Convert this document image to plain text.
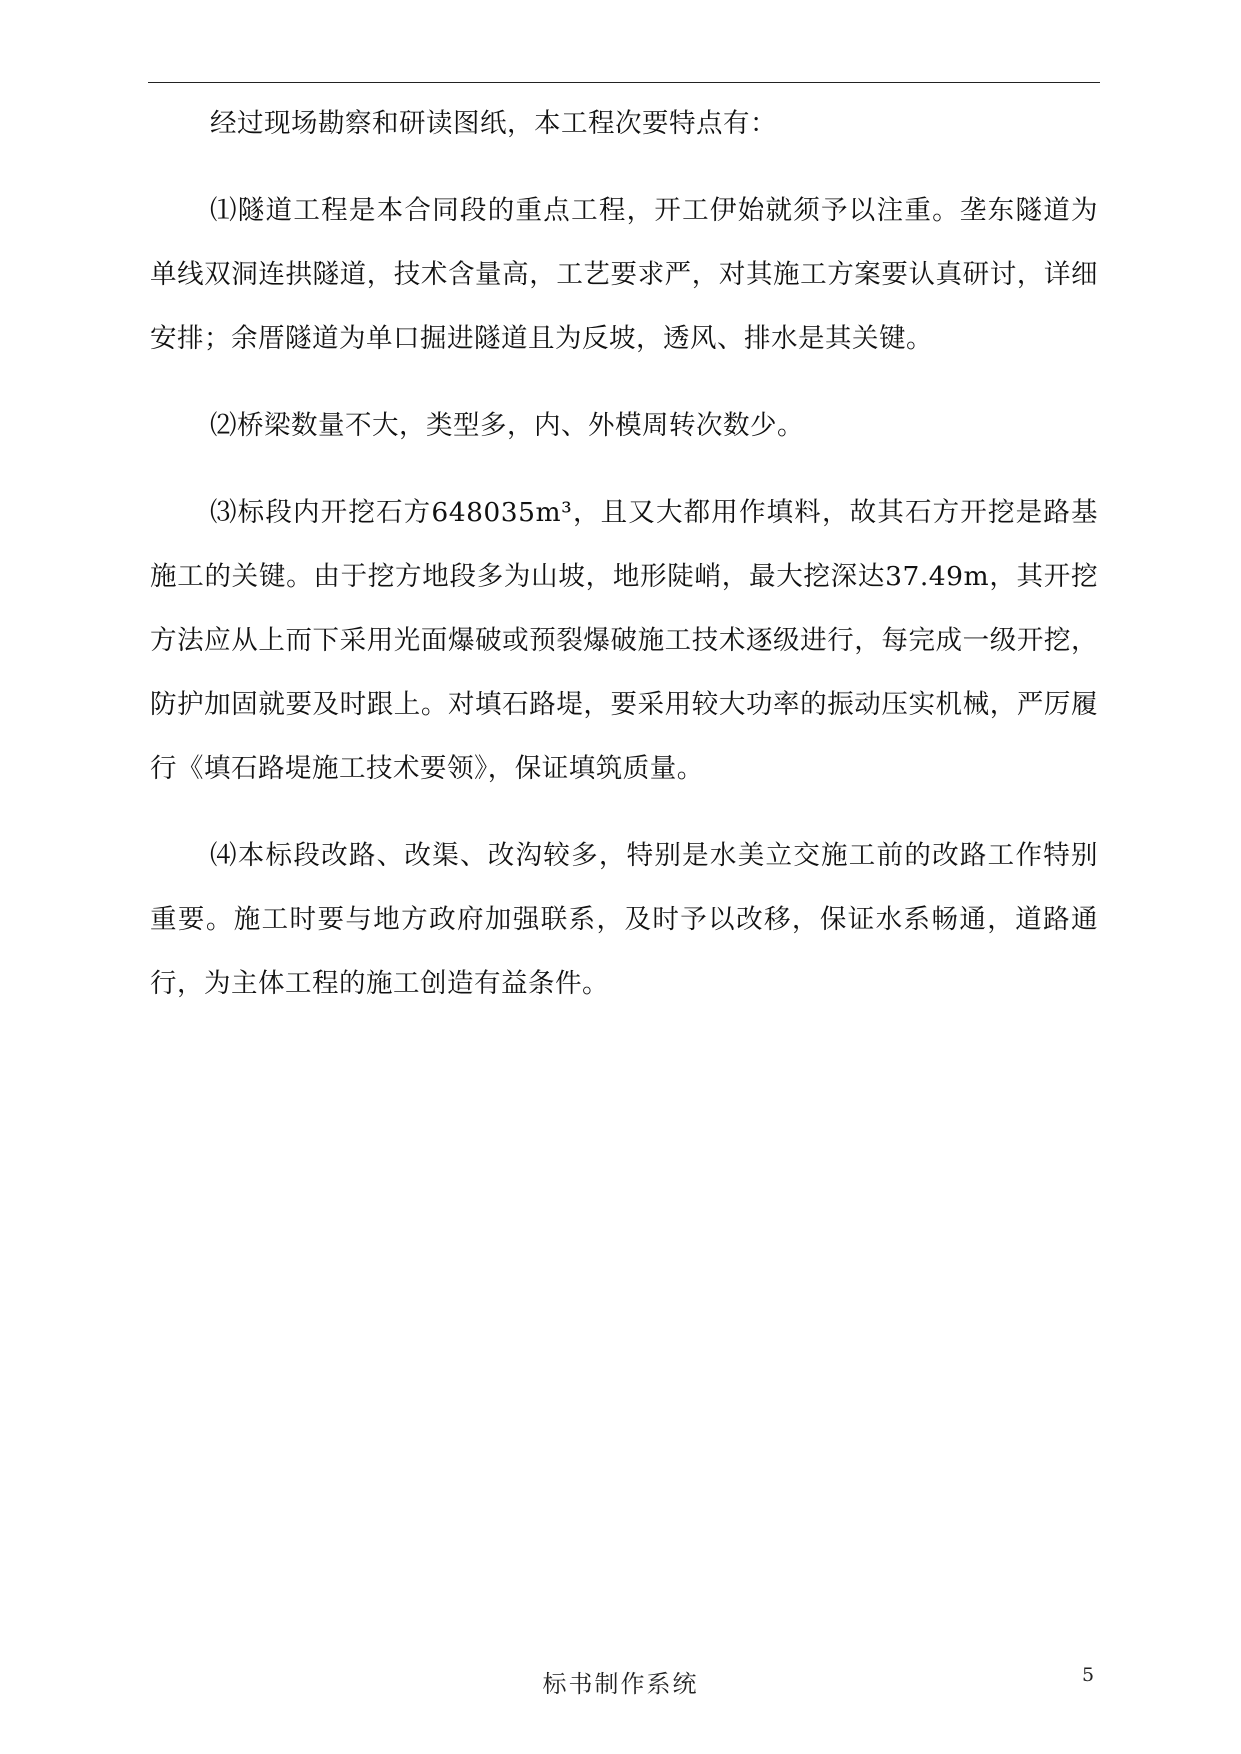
经过现场勘察和研读图纸，本工程次要特点有：

⑴隧道工程是本合同段的重点工程，开工伊始就须予以注重。垄东隧道为单线双洞连拱隧道，技术含量高，工艺要求严，对其施工方案要认真研讨，详细安排；余厝隧道为单口掘进隧道且为反坡，透风、排水是其关键。

⑵桥梁数量不大，类型多，内、外模周转次数少。

⑶标段内开挖石方648035m³，且又大都用作填料，故其石方开挖是路基施工的关键。由于挖方地段多为山坡，地形陡峭，最大挖深达37.49m，其开挖方法应从上而下采用光面爆破或预裂爆破施工技术逐级进行，每完成一级开挖，防护加固就要及时跟上。对填石路堤，要采用较大功率的振动压实机械，严厉履行《填石路堤施工技术要领》，保证填筑质量。

⑷本标段改路、改渠、改沟较多，特别是水美立交施工前的改路工作特别重要。施工时要与地方政府加强联系，及时予以改移，保证水系畅通，道路通行，为主体工程的施工创造有益条件。

标书制作系统	5
